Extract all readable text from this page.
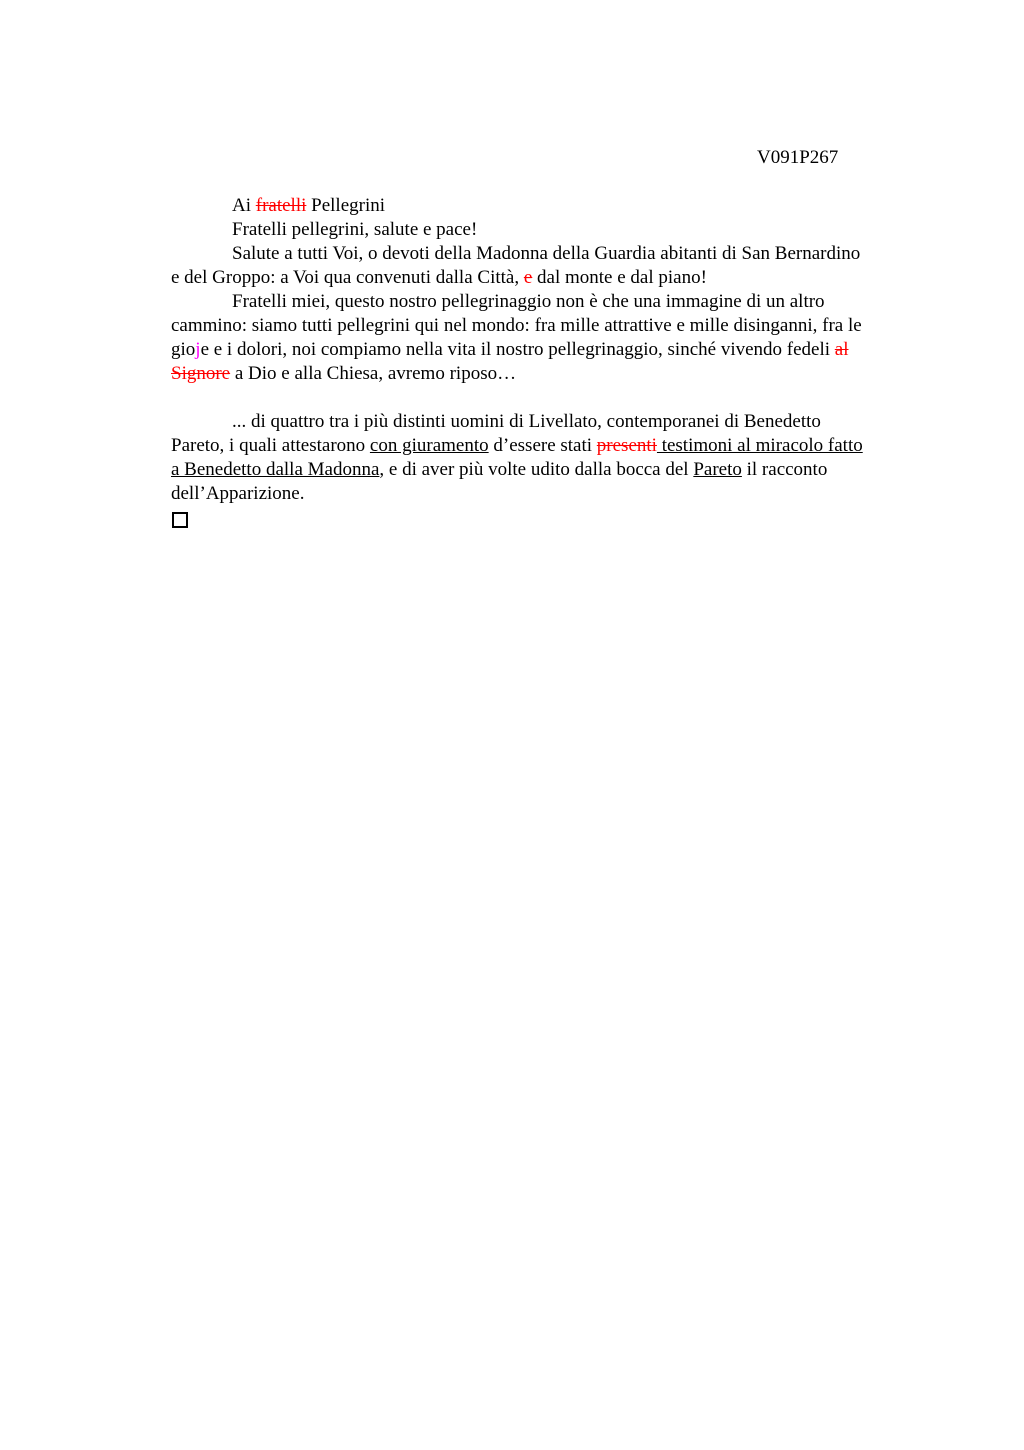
V091P267
Ai fratelli Pellegrini
Fratelli pellegrini, salute e pace!
Salute a tutti Voi, o devoti della Madonna della Guardia abitanti di San Bernardino
e del Groppo: a Voi qua convenuti dalla Città, e dal monte e dal piano!
Fratelli miei, questo nostro pellegrinaggio non è che una immagine di un altro
cammino: siamo tutti pellegrini qui nel mondo: fra mille attrattive e mille disinganni, fra le
gioje e i dolori, noi compiamo nella vita il nostro pellegrinaggio, sinché vivendo fedeli al
Signore a Dio e alla Chiesa, avremo riposo…
... di quattro tra i più distinti uomini di Livellato, contemporanei di Benedetto
Pareto, i quali attestarono con giuramento d’essere stati presenti testimoni al miracolo fatto
a Benedetto dalla Madonna, e di aver più volte udito dalla bocca del Pareto il racconto
dell’Apparizione.
